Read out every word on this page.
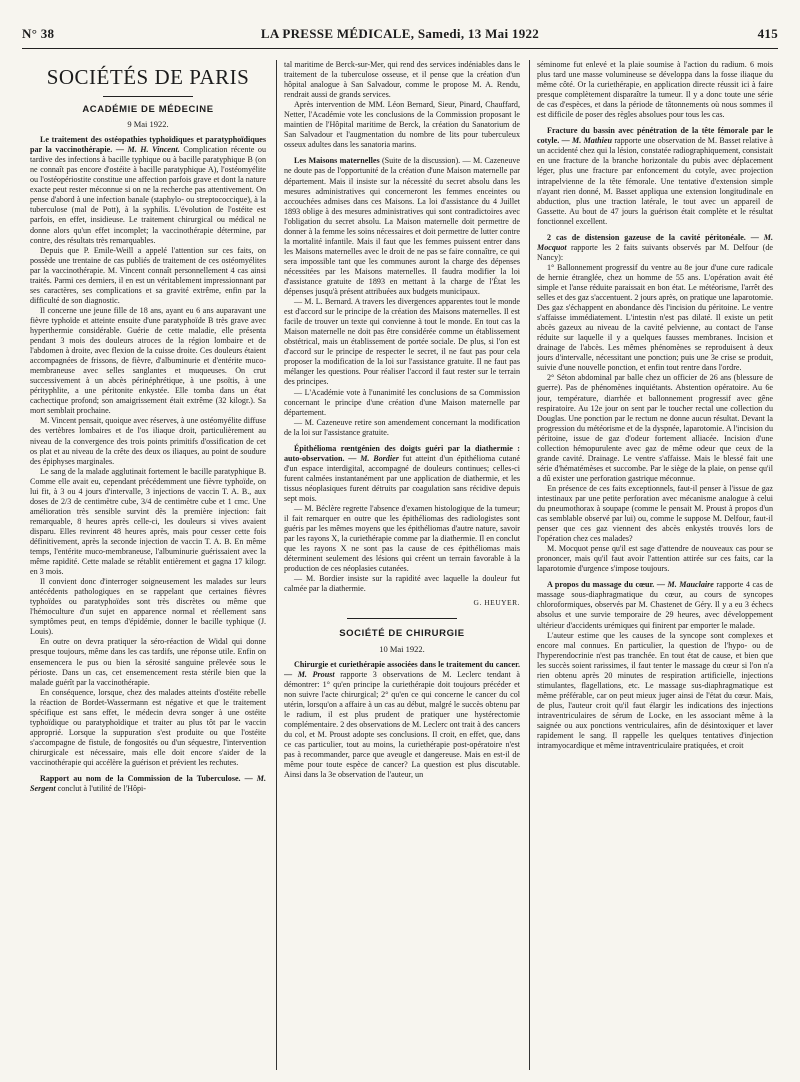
N° 38	LA PRESSE MÉDICALE, Samedi, 13 Mai 1922	415
SOCIÉTÉS DE PARIS
ACADÉMIE DE MÉDECINE
9 Mai 1922.

Le traitement des ostéopathies typhoïdiques et paratyphoïdiques par la vaccinothérapie. — M. H. Vincent. Complication récente ou tardive des infections à bacille typhique ou à bacille paratyphique B (on ne connaît pas encore d'ostéite à bacille paratyphique A), l'ostéomyélite ou l'ostéopériostite constitue une affection parfois grave et dont la nature exacte peut rester méconnue si on ne la recherche pas attentivement. On pense d'abord à une infection banale (staphylo- ou streptococcique), à la tuberculose (mal de Pott), à la syphilis. L'évolution de l'ostéite est parfois, en effet, insidieuse. Le traitement chirurgical ou médical ne donne alors qu'un effet incomplet; la vaccinothérapie détermine, par contre, des résultats très remarquables.

Depuis que P. Emile-Weill a appelé l'attention sur ces faits, on possède une trentaine de cas publiés de traitement de ces ostéomyélites par la vaccinothérapie. M. Vincent connaît personnellement 4 cas ainsi traités. Parmi ces derniers, il en est un véritablement impressionnant par ses caractères, ses complications et sa gravité extrême, enfin par la difficulté de son diagnostic.

Il concerne une jeune fille de 18 ans, ayant eu 6 ans auparavant une fièvre typhoïde et atteinte ensuite d'une paratyphoïde B très grave avec hyperthermie considérable. Guérie de cette maladie, elle présenta pendant 3 mois des douleurs atroces de la région lombaire et de l'abdomen à droite, avec flexion de la cuisse droite. Ces douleurs étaient accompagnées de frissons, de fièvre, d'albuminurie et d'entérite muco-membraneuse avec selles sanglantes et muqueuses. On crut successivement à un abcès périnéphrétique, à une psoïtis, à une pérityphlite, a une péritonite enkystée. Elle tomba dans un état cachectique profond; son amaigrissement était extrême (32 kilogr.). Sa mort semblait prochaine.

M. Vincent pensait, quoique avec réserves, à une ostéomyélite diffuse des vertèbres lombaires et de l'os iliaque droit, particulièrement au niveau de la convergence des trois points primitifs d'ossification de cet os plat et au niveau de la crête des deux os iliaques, au point de soudure des épiphyses marginales.

Le sang de la malade agglutinait fortement le bacille paratyphique B. Comme elle avait eu, cependant précédemment une fièvre typhoïde, on lui fit, à 3 ou 4 jours d'intervalle, 3 injections de vaccin T. A. B., aux doses de 2/3 de centimètre cube, 3/4 de centimètre cube et 1 cmc. Une amélioration très sensible survint dès la première injection: fait remarquable, 8 heures après celle-ci, les douleurs si vives avaient disparu. Elles revinrent 48 heures après, mais pour cesser cette fois définitivement, après la seconde injection de vaccin T. A. B. En même temps, l'entérite muco-membraneuse, l'albuminurie guérissaient avec la même rapidité. Cette malade se rétablit entièrement et gagna 17 kilogr. en 3 mois.

Il convient donc d'interroger soigneusement les malades sur leurs antécédents pathologiques en se rappelant que certaines fièvres typhoïdes ou paratyphoïdes sont très discrètes ou même que l'hémoculture d'un sujet en apparence normal et réellement sans symptômes peut, en temps d'épidémie, donner le bacille typhique (J. Louis).

En outre on devra pratiquer la séro-réaction de Widal qui donne presque toujours, même dans les cas tardifs, une réponse utile. Enfin on ensemencera le pus ou bien la sérosité sanguine prélevée sous le périoste. Dans un cas, cet ensemencement resta stérile bien que la malade guérît par la vaccinothérapie.

En conséquence, lorsque, chez des malades atteints d'ostéite rebelle la réaction de Bordet-Wassermann est négative et que le traitement spécifique est sans effet, le médecin devra songer à une ostéite typhoïdique ou paratyphoïdique et traiter au plus tôt par le vaccin approprié. Lorsque la suppuration s'est produite ou que l'ostéite s'accompagne de fistule, de fongosités ou d'un séquestre, l'intervention chirurgicale est nécessaire, mais elle doit encore s'aider de la vaccinothérapie qui accélère la guérison et prévient les rechutes.

Rapport au nom de la Commission de la Tuberculose. — M. Sergent conclut à l'utilité de l'Hôpi-

tal maritime de Berck-sur-Mer, qui rend des services indéniables dans le traitement de la tuberculose osseuse, et il pense que la création d'un hôpital analogue à San Salvadour, comme le propose M. A. Rendu, rendrait aussi de grands services.

Après intervention de MM. Léon Bernard, Sieur, Pinard, Chauffard, Netter, l'Académie vote les conclusions de la Commission proposant le maintien de l'Hôpital maritime de Berck, la création du Sanatorium de San Salvadour et l'augmentation du nombre de lits pour tuberculeux osseux adultes dans les sanatoria marins.

Les Maisons maternelles (Suite de la discussion). — M. Cazeneuve ne doute pas de l'opportunité de la création d'une Maison maternelle par département. Mais il insiste sur la nécessité du secret absolu dans les mesures administratives qui concerneront les femmes enceintes ou accouchées admises dans ces Maisons. La loi d'assistance du 4 Juillet 1893 oblige à des mesures administratives qui sont contradictoires avec l'obligation du secret absolu. La Maison maternelle doit permettre de donner à la femme les soins nécessaires et doit permettre de lutter contre la mortalité infantile. Mais il faut que les femmes puissent entrer dans les Maisons maternelles avec le droit de ne pas se faire connaître, ce qui sera impossible tant que les communes auront la charge des dépenses nécessitées par les Maisons maternelles. Il faudra modifier la loi d'assistance gratuite de 1893 en mettant à la charge de l'État les dépenses jusqu'à présent attribuées aux budgets municipaux.

— M. L. Bernard. A travers les divergences apparentes tout le monde est d'accord sur le principe de la création des Maisons maternelles. Il est facile de trouver un texte qui convienne à tout le monde. En tout cas la Maison maternelle ne doit pas être considérée comme un établissement obstétrical, mais un établissement de portée sociale. De plus, si l'on est d'accord sur le principe de respecter le secret, il ne faut pas pour cela proposer la modification de la loi sur l'assistance gratuite. Il ne faut pas mélanger les questions. Pour réaliser l'accord il faut rester sur le terrain des principes.

— L'Académie vote à l'unanimité les conclusions de sa Commission concernant le principe d'une création d'une Maison maternelle par département.

— M. Cazeneuve retire son amendement concernant la modification de la loi sur l'assistance gratuite.

Épithélioma rœntgénien des doigts guéri par la diathermie : auto-observation. — M. Bordier fut atteint d'un épithélioma cutané d'un espace interdigital, accompagné de douleurs continues; celles-ci furent calmées instantanément par une application de diathermie, et les tissus néoplasiques furent détruits par coagulation sans récidive depuis sept mois.

— M. Béclère regrette l'absence d'examen histologique de la tumeur; il fait remarquer en outre que les épithéliomas des radiologistes sont guéris par les mêmes moyens que les épithéliomas d'autre nature, savoir par les rayons X, la curiethérapie comme par la diathermie. Il en conclut que les rayons X ne sont pas la cause de ces épithéliomas mais déterminent seulement des lésions qui créent un terrain favorable à la production de ces néoplasies cutanées.

— M. Bordier insiste sur la rapidité avec laquelle la douleur fut calmée par la diathermie.

G. HEUYER.
SOCIÉTÉ DE CHIRURGIE
10 Mai 1922.

Chirurgie et curiethérapie associées dans le traitement du cancer. — M. Proust rapporte 3 observations de M. Leclerc tendant à démontrer: 1° qu'en principe la curiethérapie doit toujours précéder et non suivre l'acte chirurgical; 2° qu'en ce qui concerne le cancer du col utérin, lorsqu'on a affaire à un cas au début, malgré le succès obtenu par le radium, il est plus prudent de pratiquer une hystérectomie complémentaire. 2 des observations de M. Leclerc ont trait à des cancers du col, et M. Proust adopte ses conclusions. Il croit, en effet, que, dans ce cas particulier, tout au moins, la curiethérapie post-opératoire n'est pas à recommander, parce que aveugle et dangereuse. Mais en est-il de même pour toute espèce de cancer? La question est plus discutable. Ainsi dans la 3e observation de l'auteur, un

séminome fut enlevé et la plaie soumise à l'action du radium. 6 mois plus tard une masse volumineuse se développa dans la fosse iliaque du même côté. Or la curiethérapie, en application directe réussit ici à faire presque complètement disparaître la tumeur. Il y a donc toute une série de cas d'espèces, et dans la période de tâtonnements où nous sommes il est difficile de poser des règles absolues pour tous les cas.

Fracture du bassin avec pénétration de la tête fémorale par le cotyle. — M. Mathieu rapporte une observation de M. Basset relative à un accidenté chez qui la lésion, constatée radiographiquement, consistait en une fracture de la branche horizontale du pubis avec déplacement léger, plus une fracture par enfoncement du cotyle, avec projection intrapelvienne de la tête fémorale. Une tentative d'extension simple n'ayant rien donné, M. Basset appliqua une extension longitudinale en abduction, plus une traction latérale, le tout avec un appareil de Gassette. Au bout de 47 jours la guérison était complète et le résultat fonctionnel excellent.

2 cas de distension gazeuse de la cavité péritonéale. — M. Mocquot rapporte les 2 faits suivants observés par M. Delfour (de Nancy):

1° Ballonnement progressif du ventre au 8e jour d'une cure radicale de hernie étranglée, chez un homme de 55 ans. L'opération avait été simple et l'anse réduite paraissait en bon état. Le météorisme, l'arrêt des selles et des gaz s'accentuent. 2 jours après, on pratique une laparotomie. Des gaz s'échappent en abondance dès l'incision du péritoine. Le ventre s'affaisse immédiatement. L'intestin n'est pas dilaté. Il existe un petit abcès gazeux au niveau de la cavité pelvienne, au contact de l'anse réduite sur laquelle il y a quelques fausses membranes. Incision et drainage de l'abcès. Les mêmes phénomènes se reproduisent à deux jours d'intervalle, nécessitant une ponction; puis une 3e crise se produit, suivie d'une nouvelle ponction, et enfin tout rentre dans l'ordre.

2° Séton abdominal par balle chez un officier de 26 ans (blessure de guerre). Pas de phénomènes inquiétants. Abstention opératoire. Au 6e jour, température, diarrhée et ballonnement progressif avec gêne respiratoire. Au 12e jour on sent par le toucher rectal une collection du Douglas. Une ponction par le rectum ne donne aucun résultat. Devant la progression du météorisme et de la dyspnée, laparotomie. A l'incision du péritoine, issue de gaz d'odeur fortement alliacée. Incision d'une collection hémopurulente avec gaz de même odeur que ceux de la grande cavité. Drainage. Le ventre s'affaisse. Mais le blessé fait une série d'hématémèses et succombe. Par le siège de la plaie, on pense qu'il a dû exister une perforation gastrique méconnue.

En présence de ces faits exceptionnels, faut-il penser à l'issue de gaz intestinaux par une petite perforation avec mécanisme analogue à celui du pneumothorax à soupape (comme le pensait M. Proust à propos d'un cas semblable observé par lui) ou, comme le suppose M. Delfour, faut-il penser que ces gaz viennent des abcès enkystés trouvés lors de l'opération chez ces malades?

M. Mocquot pense qu'il est sage d'attendre de nouveaux cas pour se prononcer, mais qu'il faut avoir l'attention attirée sur ces faits, car la laparotomie d'urgence s'impose toujours.

A propos du massage du cœur. — M. Mauclaire rapporte 4 cas de massage sous-diaphragmatique du cœur, au cours de syncopes chloroformiques, observés par M. Chastenet de Géry. Il y a eu 3 échecs absolus et une survie temporaire de 29 heures, avec développement ultérieur d'accidents urémiques qui finirent par emporter le malade.

L'auteur estime que les causes de la syncope sont complexes et encore mal connues. En particulier, la question de l'hypo- ou de l'hyperendocrinie n'est pas tranchée. En tout état de cause, et bien que les succès soient rarissimes, il faut tenter le massage du cœur si l'on n'a rien obtenu après 20 minutes de respiration artificielle, injections stimulantes, flagellations, etc. Le massage sus-diaphragmatique est même préférable, car on peut mieux juger ainsi de l'état du cœur. Mais, de plus, l'auteur croit qu'il faut élargir les indications des injections intraventriculaires de sérum de Locke, en les associant même à la saignée ou aux ponctions ventriculaires, afin de désintoxiquer et laver rapidement le sang. Il rappelle les quelques tentatives d'injection intramyocardique et même intraventriculaire pratiquées, et croit
